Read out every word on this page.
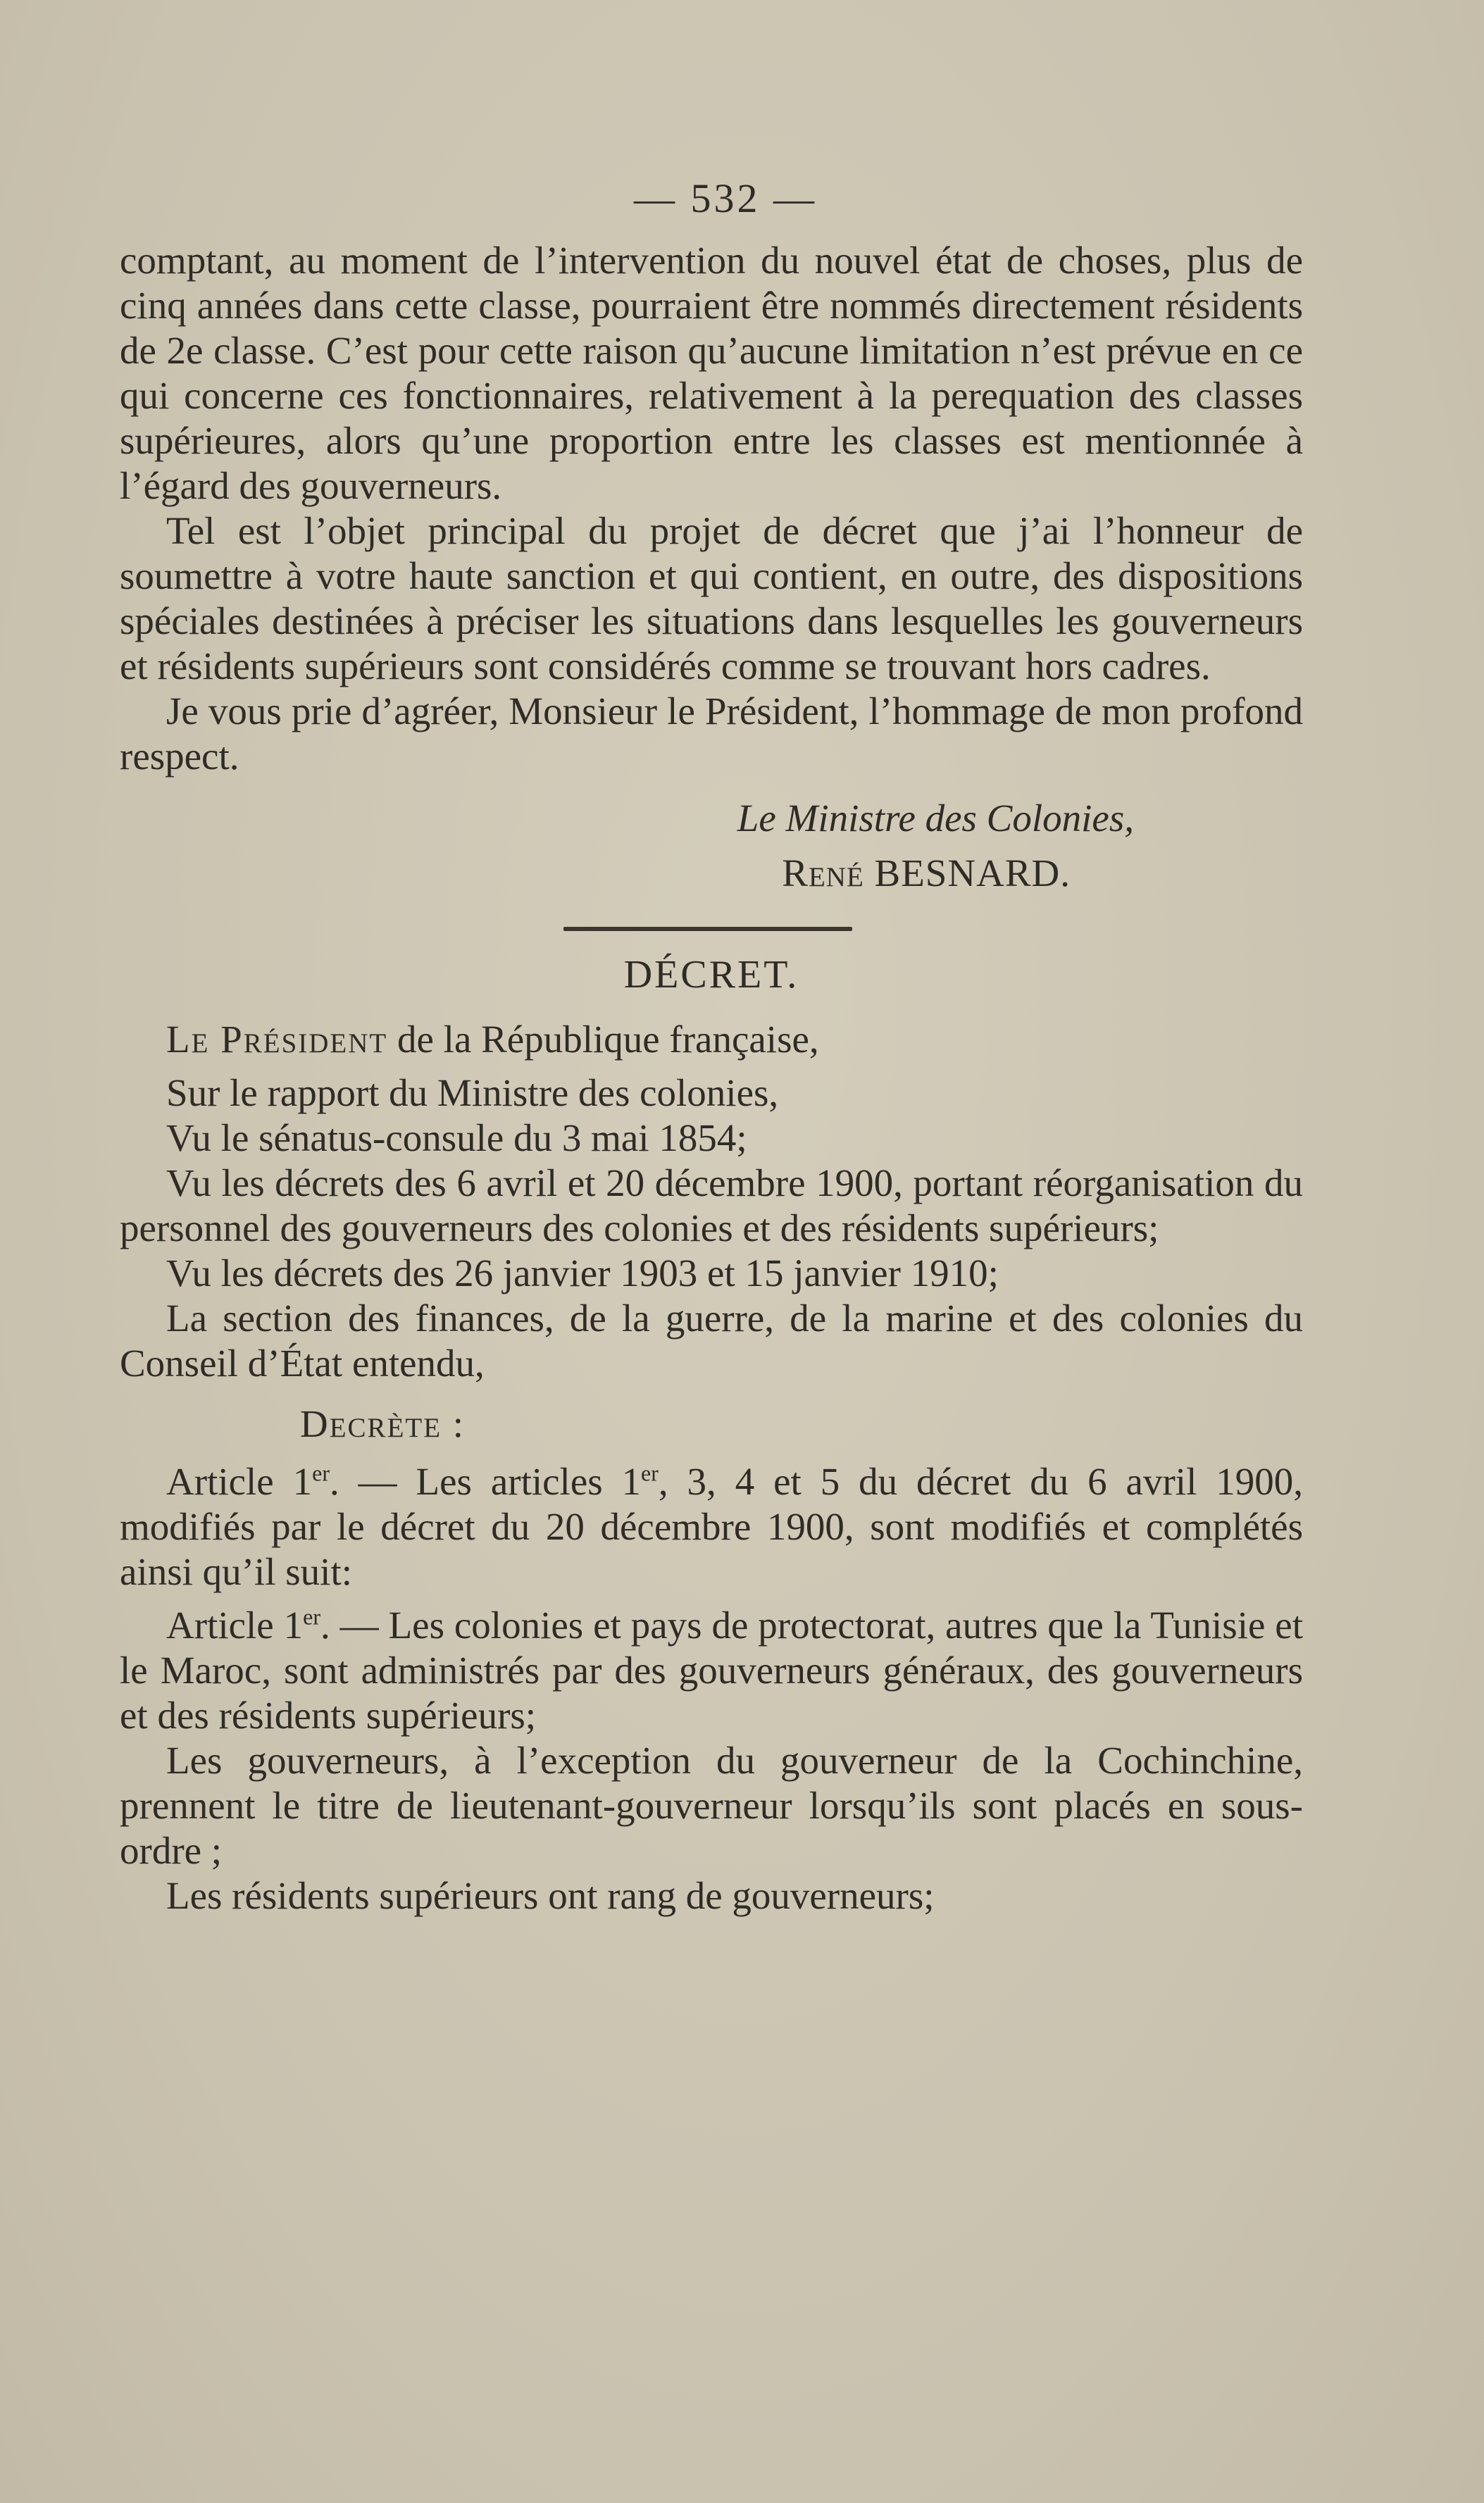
— 532 —

comptant, au moment de l’intervention du nouvel état de choses, plus de cinq années dans cette classe, pourraient être nommés directement résidents de 2e classe. C’est pour cette raison qu’aucune limitation n’est prévue en ce qui concerne ces fonctionnaires, relativement à la perequation des classes supérieures, alors qu’une proportion entre les classes est mentionnée à l’égard des gouverneurs.

Tel est l’objet principal du projet de décret que j’ai l’honneur de soumettre à votre haute sanction et qui contient, en outre, des dispositions spéciales destinées à préciser les situations dans lesquelles les gouverneurs et résidents supérieurs sont considérés comme se trouvant hors cadres.

Je vous prie d’agréer, Monsieur le Président, l’hommage de mon profond respect.

Le Ministre des Colonies,
René BESNARD.
DÉCRET.

Le Président de la République française,

Sur le rapport du Ministre des colonies,

Vu le sénatus-consule du 3 mai 1854;

Vu les décrets des 6 avril et 20 décembre 1900, portant réorganisation du personnel des gouverneurs des colonies et des résidents supérieurs;

Vu les décrets des 26 janvier 1903 et 15 janvier 1910;

La section des finances, de la guerre, de la marine et des colonies du Conseil d’État entendu,

Decrète :

Article 1er. — Les articles 1er, 3, 4 et 5 du décret du 6 avril 1900, modifiés par le décret du 20 décembre 1900, sont modifiés et complétés ainsi qu’il suit:

Article 1er. — Les colonies et pays de protectorat, autres que la Tunisie et le Maroc, sont administrés par des gouverneurs généraux, des gouverneurs et des résidents supérieurs;

Les gouverneurs, à l’exception du gouverneur de la Cochinchine, prennent le titre de lieutenant-gouverneur lorsqu’ils sont placés en sous-ordre ;

Les résidents supérieurs ont rang de gouverneurs;
